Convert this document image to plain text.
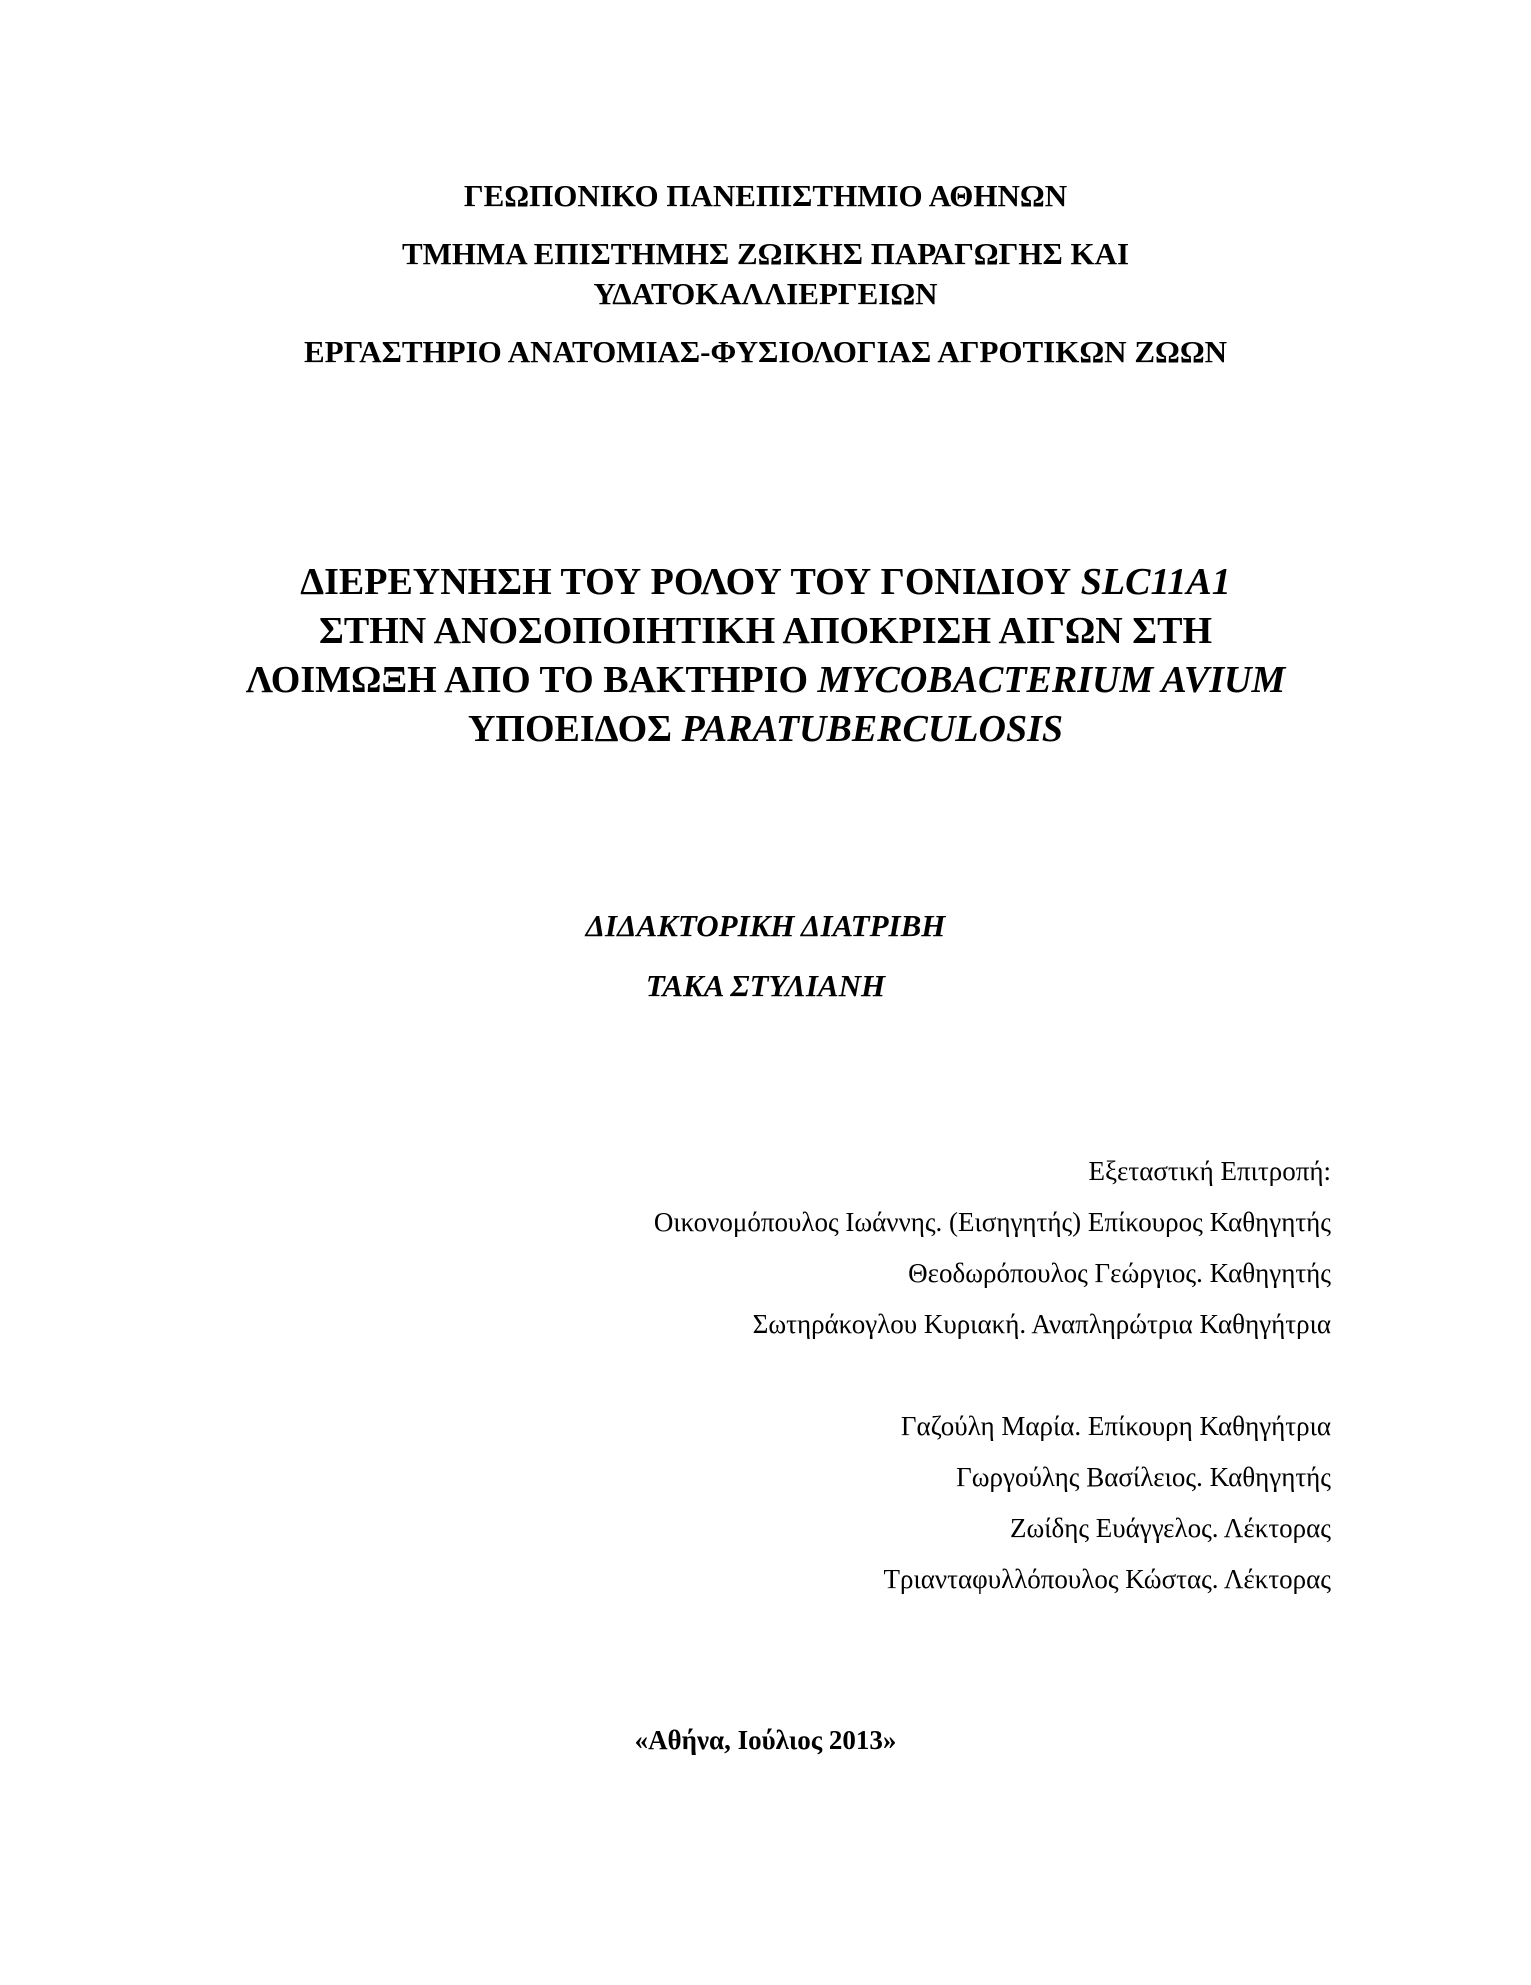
ΓΕΩΠΟΝΙΚΟ ΠΑΝΕΠΙΣΤΗΜΙΟ ΑΘΗΝΩΝ
ΤΜΗΜΑ ΕΠΙΣΤΗΜΗΣ ΖΩΙΚΗΣ ΠΑΡΑΓΩΓΗΣ ΚΑΙ
ΥΔΑΤΟΚΑΛΛΙΕΡΓΕΙΩΝ
ΕΡΓΑΣΤΗΡΙΟ ΑΝΑΤΟΜΙΑΣ-ΦΥΣΙΟΛΟΓΙΑΣ ΑΓΡΟΤΙΚΩΝ ΖΩΩΝ
ΔΙΕΡΕΥΝΗΣΗ ΤΟΥ ΡΟΛΟΥ ΤΟΥ ΓΟΝΙΔΙΟΥ SLC11A1
ΣΤΗΝ ΑΝΟΣΟΠΟΙΗΤΙΚΗ ΑΠΟΚΡΙΣΗ ΑΙΓΩΝ ΣΤΗ
ΛΟΙΜΩΞΗ ΑΠΟ ΤΟ ΒΑΚΤΗΡΙΟ MYCOBACTERIUM AVIUM
ΥΠΟΕΙΔΟΣ PARATUBERCULOSIS
ΔΙΔΑΚΤΟΡΙΚΗ ΔΙΑΤΡΙΒΗ
ΤΑΚΑ ΣΤΥΛΙΑΝΗ
Εξεταστική Επιτροπή:
Οικονομόπουλος Ιωάννης. (Εισηγητής) Επίκουρος Καθηγητής
Θεοδωρόπουλος Γεώργιος. Καθηγητής
Σωτηράκογλου Κυριακή. Αναπληρώτρια Καθηγήτρια
Γαζούλη Μαρία. Επίκουρη Καθηγήτρια
Γωργούλης Βασίλειος. Καθηγητής
Ζωίδης Ευάγγελος. Λέκτορας
Τριανταφυλλόπουλος Κώστας. Λέκτορας
«Αθήνα, Ιούλιος 2013»
